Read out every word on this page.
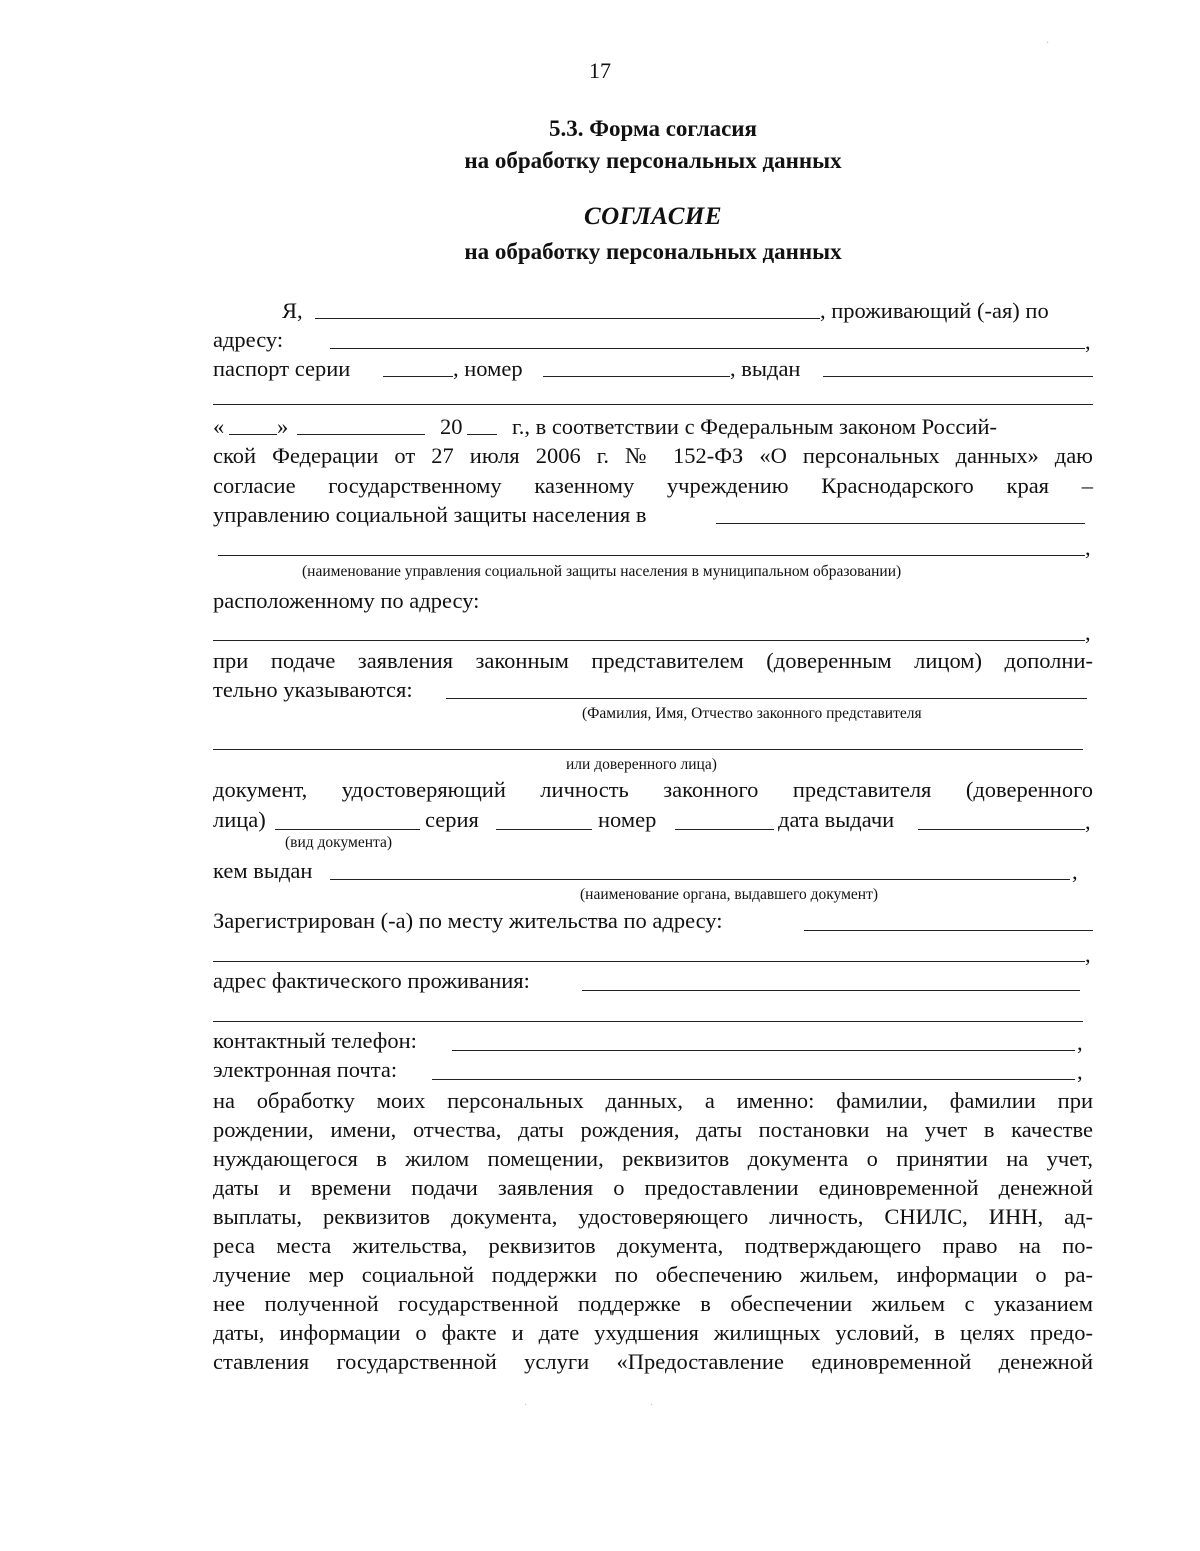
17
5.3. Форма согласия
на обработку персональных данных
СОГЛАСИЕ
на обработку персональных данных
Я,	, проживающий (-ая) по
адресу:	,
паспорт серии	, номер	, выдан
« »	20 г., в соответствии с Федеральным законом Россий-
ской Федерации от 27 июля 2006 г. № 152-ФЗ «О персональных данных» даю
согласие государственному казенному учреждению Краснодарского края –
управлению социальной защиты населения в
,
(наименование управления социальной защиты населения в муниципальном образовании)
расположенному по адресу:
,
при подаче заявления законным представителем (доверенным лицом) дополни-
тельно указываются:
(Фамилия, Имя, Отчество законного представителя
или доверенного лица)
документ, удостоверяющий личность законного представителя (доверенного
лица)	серия	номер	дата выдачи	,
(вид документа)
кем выдан	,
(наименование органа, выдавшего документ)
Зарегистрирован (-а) по месту жительства по адресу:
,
адрес фактического проживания:
контактный телефон:	,
электронная почта:	,
на обработку моих персональных данных, а именно: фамилии, фамилии при
рождении, имени, отчества, даты рождения, даты постановки на учет в качестве
нуждающегося в жилом помещении, реквизитов документа о принятии на учет,
даты и времени подачи заявления о предоставлении единовременной денежной
выплаты, реквизитов документа, удостоверяющего личность, СНИЛС, ИНН, ад-
реса места жительства, реквизитов документа, подтверждающего право на по-
лучение мер социальной поддержки по обеспечению жильем, информации о ра-
нее полученной государственной поддержке в обеспечении жильем с указанием
даты, информации о факте и дате ухудшения жилищных условий, в целях предо-
ставления государственной услуги «Предоставление единовременной денежной
·
·	·
